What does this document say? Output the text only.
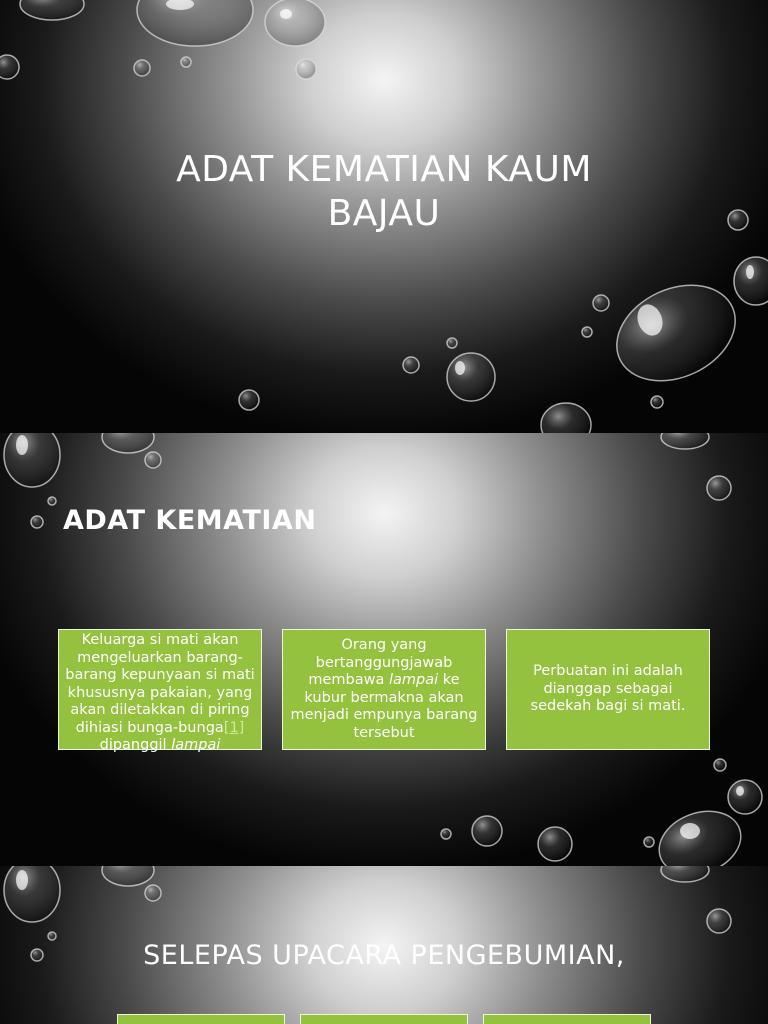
ADAT KEMATIAN KAUM
BAJAU
ADAT KEMATIAN
Keluarga si mati akan mengeluarkan barang-barang kepunyaan si mati khususnya pakaian, yang akan diletakkan di piring dihiasi bunga-bunga[1] dipanggil lampai
Orang yang bertanggungjawab membawa lampai ke kubur bermakna akan menjadi empunya barang tersebut
Perbuatan ini adalah dianggap sebagai sedekah bagi si mati.
SELEPAS UPACARA PENGEBUMIAN,
